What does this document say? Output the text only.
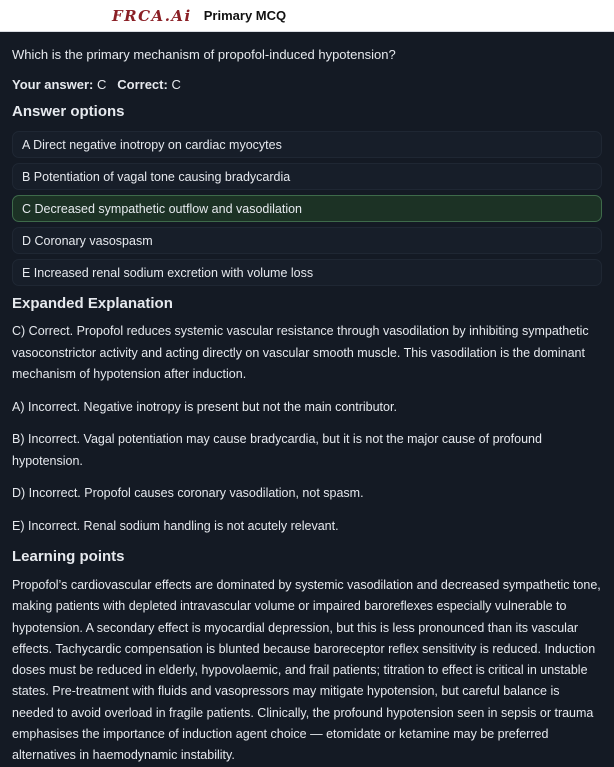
FRCA.Ai Primary MCQ
Which is the primary mechanism of propofol-induced hypotension?
Your answer: C Correct: C
Answer options
A Direct negative inotropy on cardiac myocytes
B Potentiation of vagal tone causing bradycardia
C Decreased sympathetic outflow and vasodilation
D Coronary vasospasm
E Increased renal sodium excretion with volume loss
Expanded Explanation

C) Correct. Propofol reduces systemic vascular resistance through vasodilation by inhibiting sympathetic vasoconstrictor activity and acting directly on vascular smooth muscle. This vasodilation is the dominant mechanism of hypotension after induction.

A) Incorrect. Negative inotropy is present but not the main contributor.

B) Incorrect. Vagal potentiation may cause bradycardia, but it is not the major cause of profound hypotension.

D) Incorrect. Propofol causes coronary vasodilation, not spasm.

E) Incorrect. Renal sodium handling is not acutely relevant.

Learning points
Propofol’s cardiovascular effects are dominated by systemic vasodilation and decreased sympathetic tone, making patients with depleted intravascular volume or impaired baroreflexes especially vulnerable to hypotension. A secondary effect is myocardial depression, but this is less pronounced than its vascular effects. Tachycardic compensation is blunted because baroreceptor reflex sensitivity is reduced. Induction doses must be reduced in elderly, hypovolaemic, and frail patients; titration to effect is critical in unstable states. Pre-treatment with fluids and vasopressors may mitigate hypotension, but careful balance is needed to avoid overload in fragile patients. Clinically, the profound hypotension seen in sepsis or trauma emphasises the importance of induction agent choice — etomidate or ketamine may be preferred alternatives in haemodynamic instability.
